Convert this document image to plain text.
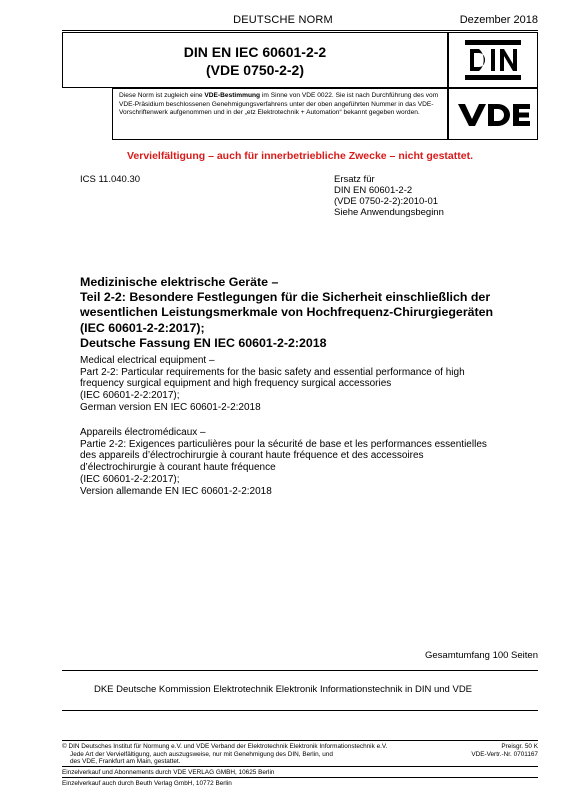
DEUTSCHE NORM	Dezember 2018
DIN EN IEC 60601-2-2
(VDE 0750-2-2)
Diese Norm ist zugleich eine VDE-Bestimmung im Sinne von VDE 0022. Sie ist nach Durchführung des vom VDE-Präsidium beschlossenen Genehmigungsverfahrens unter der oben angeführten Nummer in das VDE-Vorschriftenwerk aufgenommen und in der „etz Elektrotechnik + Automation“ bekannt gegeben worden.
Vervielfältigung – auch für innerbetriebliche Zwecke – nicht gestattet.
ICS 11.040.30	Ersatz für
DIN EN 60601-2-2
(VDE 0750-2-2):2010-01
Siehe Anwendungsbeginn
Medizinische elektrische Geräte –
Teil 2-2: Besondere Festlegungen für die Sicherheit einschließlich der
wesentlichen Leistungsmerkmale von Hochfrequenz-Chirurgiegeräten
(IEC 60601-2-2:2017);
Deutsche Fassung EN IEC 60601-2-2:2018
Medical electrical equipment –
Part 2-2: Particular requirements for the basic safety and essential performance of high
frequency surgical equipment and high frequency surgical accessories
(IEC 60601-2-2:2017);
German version EN IEC 60601-2-2:2018
Appareils électromédicaux –
Partie 2-2: Exigences particulières pour la sécurité de base et les performances essentielles
des appareils d’électrochirurgie à courant haute fréquence et des accessoires
d’électrochirurgie à courant haute fréquence
(IEC 60601-2-2:2017);
Version allemande EN IEC 60601-2-2:2018
Gesamtumfang 100 Seiten
DKE Deutsche Kommission Elektrotechnik Elektronik Informationstechnik in DIN und VDE
© DIN Deutsches Institut für Normung e.V. und VDE Verband der Elektrotechnik Elektronik Informationstechnik e.V.
Jede Art der Vervielfältigung, auch auszugsweise, nur mit Genehmigung des DIN, Berlin, und
des VDE, Frankfurt am Main, gestattet.
Preisgr. 50 K
VDE-Vertr.-Nr. 0701167
Einzelverkauf und Abonnements durch VDE VERLAG GMBH, 10625 Berlin
Einzelverkauf auch durch Beuth Verlag GmbH, 10772 Berlin
